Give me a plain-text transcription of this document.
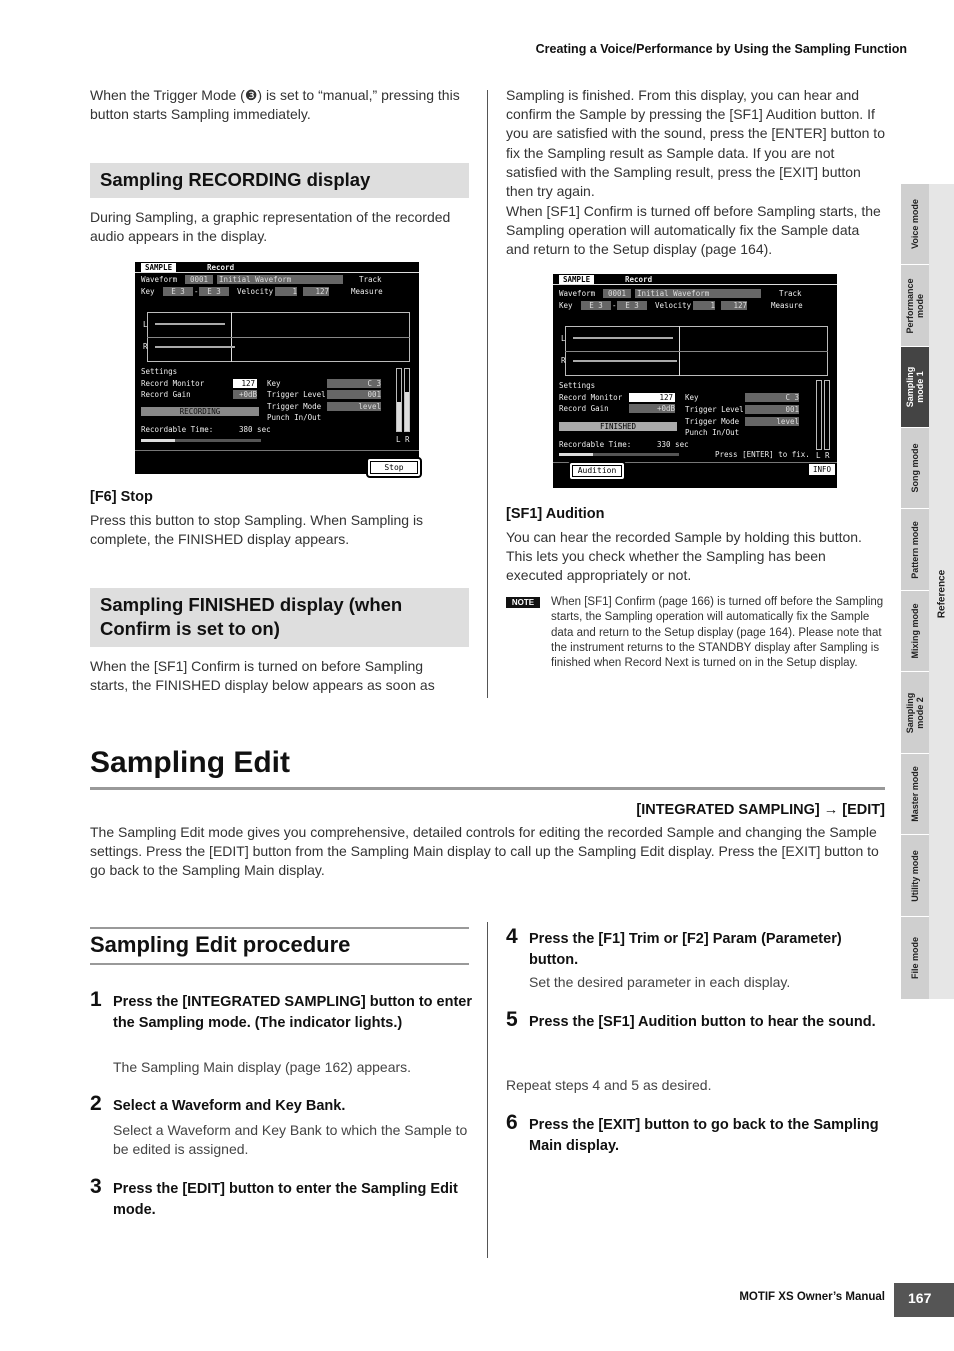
Creating a Voice/Performance by Using the Sampling Function
When the Trigger Mode (❸) is set to “manual,” pressing this button starts Sampling immediately.
Sampling RECORDING display
During Sampling, a graphic representation of the recorded audio appears in the display.
SAMPLE	Record
Waveform	0001	Initial Waveform	Track
Key	E 3	-	E 3	Velocity	1	127	Measure
L
R
Settings
Record Monitor	127
Record Gain	+0dB
Key	C 3
Trigger Level	001
Trigger Mode	level
Punch In/Out
RECORDING
Recordable Time:	380 sec
L R
Stop
[F6] Stop
Press this button to stop Sampling. When Sampling is complete, the FINISHED display appears.
Sampling FINISHED display (when Confirm is set to on)
When the [SF1] Confirm is turned on before Sampling starts, the FINISHED display below appears as soon as
Sampling is finished. From this display, you can hear and confirm the Sample by pressing the [SF1] Audition button. If you are satisfied with the sound, press the [ENTER] button to fix the Sampling result as Sample data. If you are not satisfied with the Sampling result, press the [EXIT] button then try again.
When [SF1] Confirm is turned off before Sampling starts, the Sampling operation will automatically fix the Sample data and return to the Setup display (page 164).
SAMPLE	Record
Waveform	0001	Initial Waveform	Track
Key	E 3	-	E 3	Velocity	1	127	Measure
L
R
Settings
Record Monitor	127
Record Gain	+0dB
Key	C 3
Trigger Level	001
Trigger Mode	level
Punch In/Out
FINISHED
Recordable Time:	330 sec
L R
Press [ENTER] to fix.
INFO
Audition
[SF1] Audition
You can hear the recorded Sample by holding this button. This lets you check whether the Sampling has been executed appropriately or not.
NOTE	When [SF1] Confirm (page 166) is turned off before the Sampling starts, the Sampling operation will automatically fix the Sample data and return to the Setup display (page 164). Please note that the instrument returns to the STANDBY display after Sampling is finished when Record Next is turned on in the Setup display.
Sampling Edit
[INTEGRATED SAMPLING] → [EDIT]
The Sampling Edit mode gives you comprehensive, detailed controls for editing the recorded Sample and changing the Sample settings. Press the [EDIT] button from the Sampling Main display to call up the Sampling Edit display. Press the [EXIT] button to go back to the Sampling Main display.
Sampling Edit procedure
1 Press the [INTEGRATED SAMPLING] button to enter the Sampling mode. (The indicator lights.)
The Sampling Main display (page 162) appears.
2 Select a Waveform and Key Bank.
Select a Waveform and Key Bank to which the Sample to be edited is assigned.
3 Press the [EDIT] button to enter the Sampling Edit mode.
4 Press the [F1] Trim or [F2] Param (Parameter) button.
Set the desired parameter in each display.
5 Press the [SF1] Audition button to hear the sound.
Repeat steps 4 and 5 as desired.
6 Press the [EXIT] button to go back to the Sampling Main display.
Voice mode
Performance mode
Sampling mode 1
Song mode
Pattern mode
Mixing mode
Sampling mode 2
Master mode
Utility mode
File mode
Reference
MOTIF XS Owner’s Manual 167
